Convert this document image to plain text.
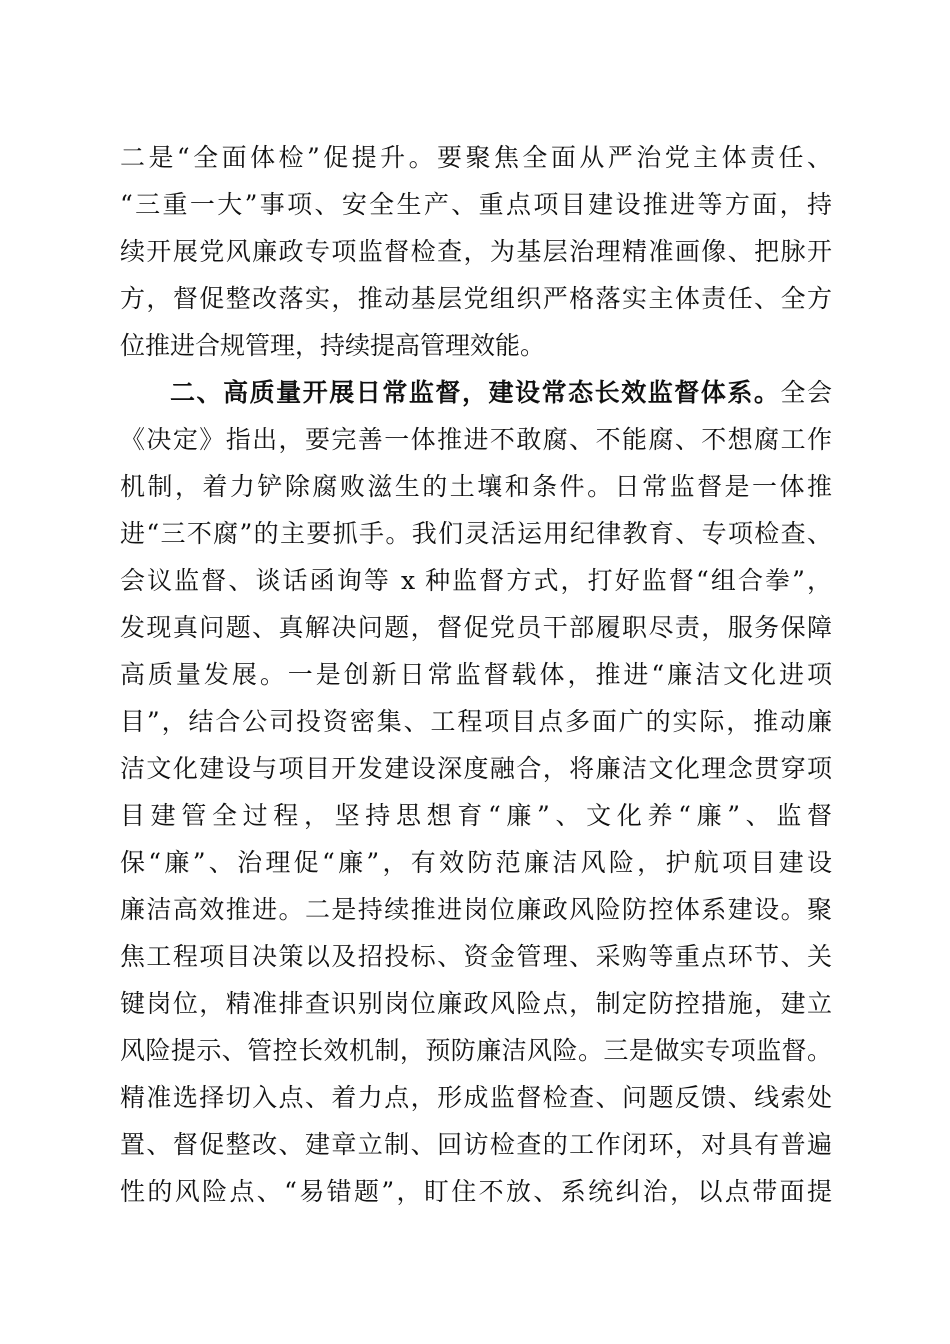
二是“全面体检”促提升。要聚焦全面从严治党主体责任、
“三重一大”事项、安全生产、重点项目建设推进等方面，持
续开展党风廉政专项监督检查，为基层治理精准画像、把脉开
方，督促整改落实，推动基层党组织严格落实主体责任、全方
位推进合规管理，持续提高管理效能。
二、高质量开展日常监督，建设常态长效监督体系。全会
《决定》指出，要完善一体推进不敢腐、不能腐、不想腐工作
机制，着力铲除腐败滋生的土壤和条件。日常监督是一体推
进“三不腐”的主要抓手。我们灵活运用纪律教育、专项检查、
会议监督、谈话函询等 x 种监督方式，打好监督“组合拳”，
发现真问题、真解决问题，督促党员干部履职尽责，服务保障
高质量发展。一是创新日常监督载体，推进“廉洁文化进项
目”，结合公司投资密集、工程项目点多面广的实际，推动廉
洁文化建设与项目开发建设深度融合，将廉洁文化理念贯穿项
目建管全过程，坚持思想育“廉”、文化养“廉”、监督
保“廉”、治理促“廉”，有效防范廉洁风险，护航项目建设
廉洁高效推进。二是持续推进岗位廉政风险防控体系建设。聚
焦工程项目决策以及招投标、资金管理、采购等重点环节、关
键岗位，精准排查识别岗位廉政风险点，制定防控措施，建立
风险提示、管控长效机制，预防廉洁风险。三是做实专项监督。
精准选择切入点、着力点，形成监督检查、问题反馈、线索处
置、督促整改、建章立制、回访检查的工作闭环，对具有普遍
性的风险点、“易错题”，盯住不放、系统纠治，以点带面提
